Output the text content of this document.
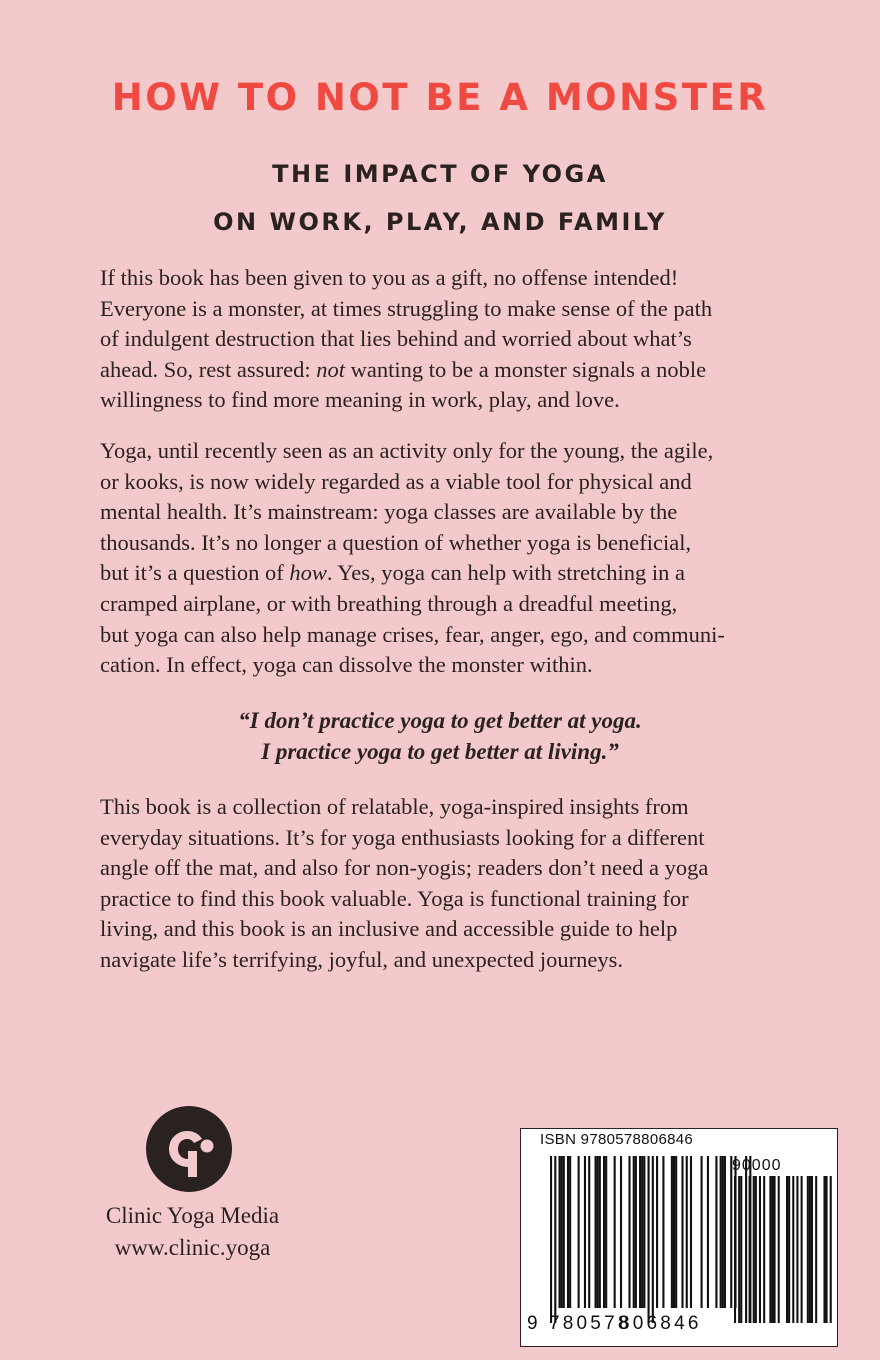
HOW TO NOT BE A MONSTER
THE IMPACT OF YOGA
ON WORK, PLAY, AND FAMILY
If this book has been given to you as a gift, no offense intended!
Everyone is a monster, at times struggling to make sense of the path
of indulgent destruction that lies behind and worried about what’s
ahead. So, rest assured: not wanting to be a monster signals a noble
willingness to find more meaning in work, play, and love.
Yoga, until recently seen as an activity only for the young, the agile,
or kooks, is now widely regarded as a viable tool for physical and
mental health. It’s mainstream: yoga classes are available by the
thousands. It’s no longer a question of whether yoga is beneficial,
but it’s a question of how. Yes, yoga can help with stretching in a
cramped airplane, or with breathing through a dreadful meeting,
but yoga can also help manage crises, fear, anger, ego, and communi-
cation. In effect, yoga can dissolve the monster within.
“I don’t practice yoga to get better at yoga.
I practice yoga to get better at living.”
This book is a collection of relatable, yoga-inspired insights from
everyday situations. It’s for yoga enthusiasts looking for a different
angle off the mat, and also for non-yogis; readers don’t need a yoga
practice to find this book valuable. Yoga is functional training for
living, and this book is an inclusive and accessible guide to help
navigate life’s terrifying, joyful, and unexpected journeys.
Clinic Yoga Media
www.clinic.yoga
ISBN 9780578806846
90000
9 780578
806846
